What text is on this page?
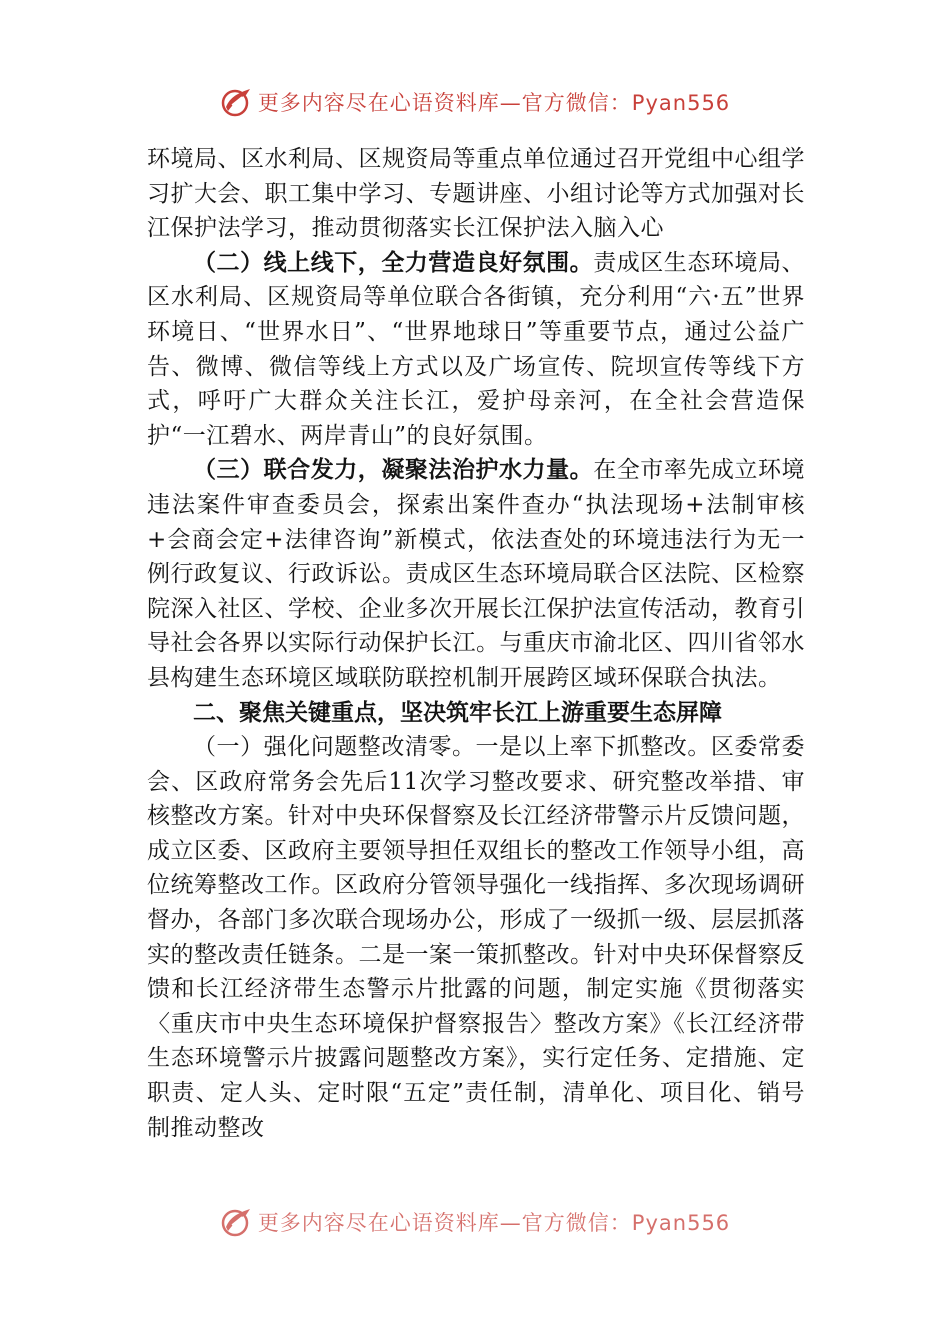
更多内容尽在心语资料库—官方微信：Pyan556

环境局、区水利局、区规资局等重点单位通过召开党组中心组学习扩大会、职工集中学习、专题讲座、小组讨论等方式加强对长江保护法学习，推动贯彻落实长江保护法入脑入心

（二）线上线下，全力营造良好氛围。责成区生态环境局、区水利局、区规资局等单位联合各街镇，充分利用“六·五”世界环境日、“世界水日”、“世界地球日”等重要节点，通过公益广告、微博、微信等线上方式以及广场宣传、院坝宣传等线下方式，呼吁广大群众关注长江，爱护母亲河，在全社会营造保护“一江碧水、两岸青山”的良好氛围。

（三）联合发力，凝聚法治护水力量。在全市率先成立环境违法案件审查委员会，探索出案件查办“执法现场+法制审核+会商会定+法律咨询”新模式，依法查处的环境违法行为无一例行政复议、行政诉讼。责成区生态环境局联合区法院、区检察院深入社区、学校、企业多次开展长江保护法宣传活动，教育引导社会各界以实际行动保护长江。与重庆市渝北区、四川省邻水县构建生态环境区域联防联控机制开展跨区域环保联合执法。

二、聚焦关键重点，坚决筑牢长江上游重要生态屏障

（一）强化问题整改清零。一是以上率下抓整改。区委常委会、区政府常务会先后11次学习整改要求、研究整改举措、审核整改方案。针对中央环保督察及长江经济带警示片反馈问题，成立区委、区政府主要领导担任双组长的整改工作领导小组，高位统筹整改工作。区政府分管领导强化一线指挥、多次现场调研督办，各部门多次联合现场办公，形成了一级抓一级、层层抓落实的整改责任链条。二是一案一策抓整改。针对中央环保督察反馈和长江经济带生态警示片批露的问题，制定实施《贯彻落实〈重庆市中央生态环境保护督察报告〉整改方案》《长江经济带生态环境警示片披露问题整改方案》，实行定任务、定措施、定职责、定人头、定时限“五定”责任制，清单化、项目化、销号制推动整改

更多内容尽在心语资料库—官方微信：Pyan556
